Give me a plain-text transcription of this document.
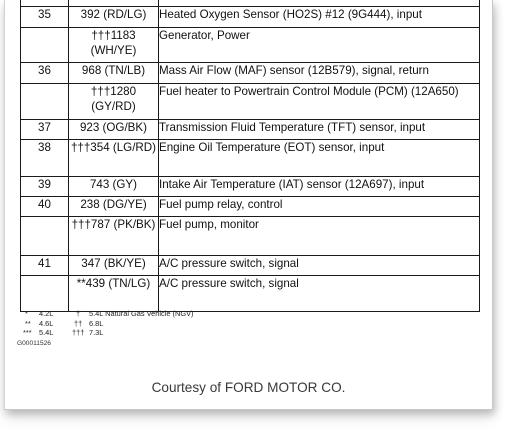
35	392 (RD/LG)	Heated Oxygen Sensor (HO2S) #12 (9G444), input
	†††1183 (WH/YE)	Generator, Power
36	968 (TN/LB)	Mass Air Flow (MAF) sensor (12B579), signal, return
	†††1280 (GY/RD)	Fuel heater to Powertrain Control Module (PCM) (12A650)
37	923 (OG/BK)	Transmission Fluid Temperature (TFT) sensor, input
38	†††354 (LG/RD)	Engine Oil Temperature (EOT) sensor, input
39	743 (GY)	Intake Air Temperature (IAT) sensor (12A697), input
40	238 (DG/YE)	Fuel pump relay, control
	†††787 (PK/BK)	Fuel pump, monitor
41	347 (BK/YE)	A/C pressure switch, signal
	**439 (TN/LG)	A/C pressure switch, signal
* 4.2L	† 5.4L Natural Gas Vehicle (NGV)
** 4.6L	†† 6.8L
*** 5.4L	††† 7.3L
G00011526
Courtesy of FORD MOTOR CO.
